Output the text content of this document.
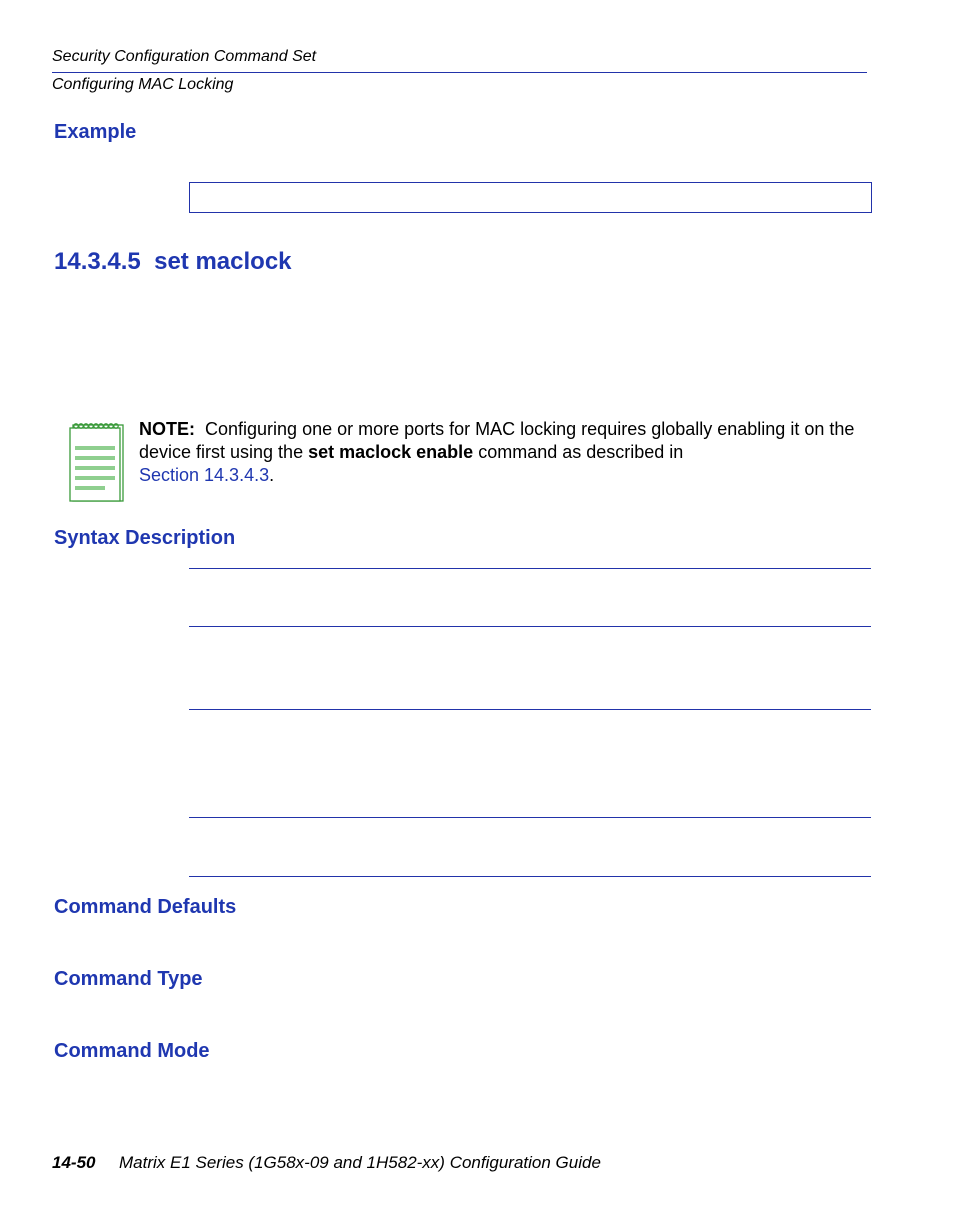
Security Configuration Command Set
Configuring MAC Locking
Example
14.3.4.5 set maclock
NOTE: Configuring one or more ports for MAC locking requires globally enabling it on the device first using the set maclock enable command as described in
Section 14.3.4.3.
Syntax Description
Command Defaults
Command Type
Command Mode
14-50 Matrix E1 Series (1G58x-09 and 1H582-xx) Configuration Guide
